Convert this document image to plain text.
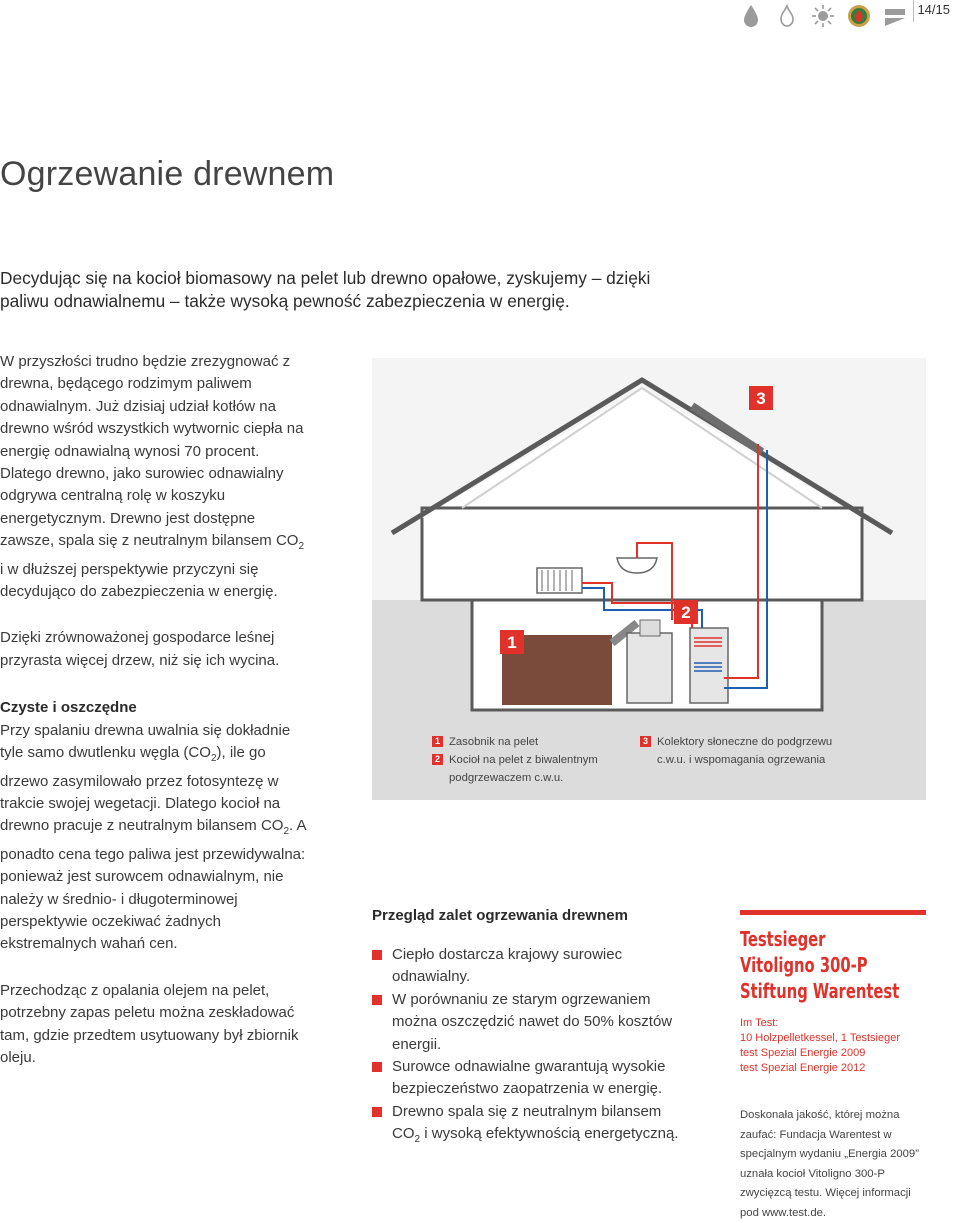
14/15
Ogrzewanie drewnem
Decydując się na kocioł biomasowy na pelet lub drewno opałowe, zyskujemy – dzięki paliwu odnawialnemu – także wysoką pewność zabezpieczenia w energię.

W przyszłości trudno będzie zrezygnować z drewna, będącego rodzimym paliwem odnawialnym. Już dzisiaj udział kotłów na drewno wśród wszystkich wytwornic ciepła na energię odnawialną wynosi 70 procent. Dlatego drewno, jako surowiec odnawialny odgrywa centralną rolę w koszyku energetycznym. Drewno jest dostępne zawsze, spala się z neutralnym bilansem $CO_2$ i w dłuższej perspektywie przyczyni się decydująco do zabezpieczenia w energię.

Dzięki zrównoważonej gospodarce leśnej przyrasta więcej drzew, niż się ich wycina.

Czyste i oszczędne

Przy spalaniu drewna uwalnia się dokładnie tyle samo dwutlenku węgla $(CO_2)$, ile go drzewo zasymilowało przez fotosyntezę w trakcie swojej wegetacji. Dlatego kocioł na drewno pracuje z neutralnym bilansem $CO_2$. A ponadto cena tego paliwa jest przewidywalna: ponieważ jest surowcem odnawialnym, nie należy w średnio- i długoterminowej perspektywie oczekiwać żadnych ekstremalnych wahań cen.

Przechodząc z opalania olejem na pelet, potrzebny zapas peletu można zeskładować tam, gdzie przedtem usytuowany był zbiornik oleju.

3
1
2
1 Zasobnik na pelet
2 Kocioł na pelet z biwalentnym podgrzewaczem c.w.u.
3 Kolektory słoneczne do podgrzewu c.w.u. i wspomagania ogrzewania
Przegląd zalet ogrzewania drewnem
Ciepło dostarcza krajowy surowiec odnawialny.
W porównaniu ze starym ogrzewaniem można oszczędzić nawet do 50% kosztów energii.
Surowce odnawialne gwarantują wysokie bezpieczeństwo zaopatrzenia w energię.
Drewno spala się z neutralnym bilansem $CO_2$ i wysoką efektywnością energetyczną.
Testsieger
Vitoligno 300-P
Stiftung Warentest
Im Test:
10 Holzpelletkessel, 1 Testsieger
test Spezial Energie 2009
test Spezial Energie 2012
Doskonała jakość, której można zaufać: Fundacja Warentest w specjalnym wydaniu „Energia 2009” uznała kocioł Vitoligno 300-P zwycięzcą testu. Więcej informacji pod www.test.de.
